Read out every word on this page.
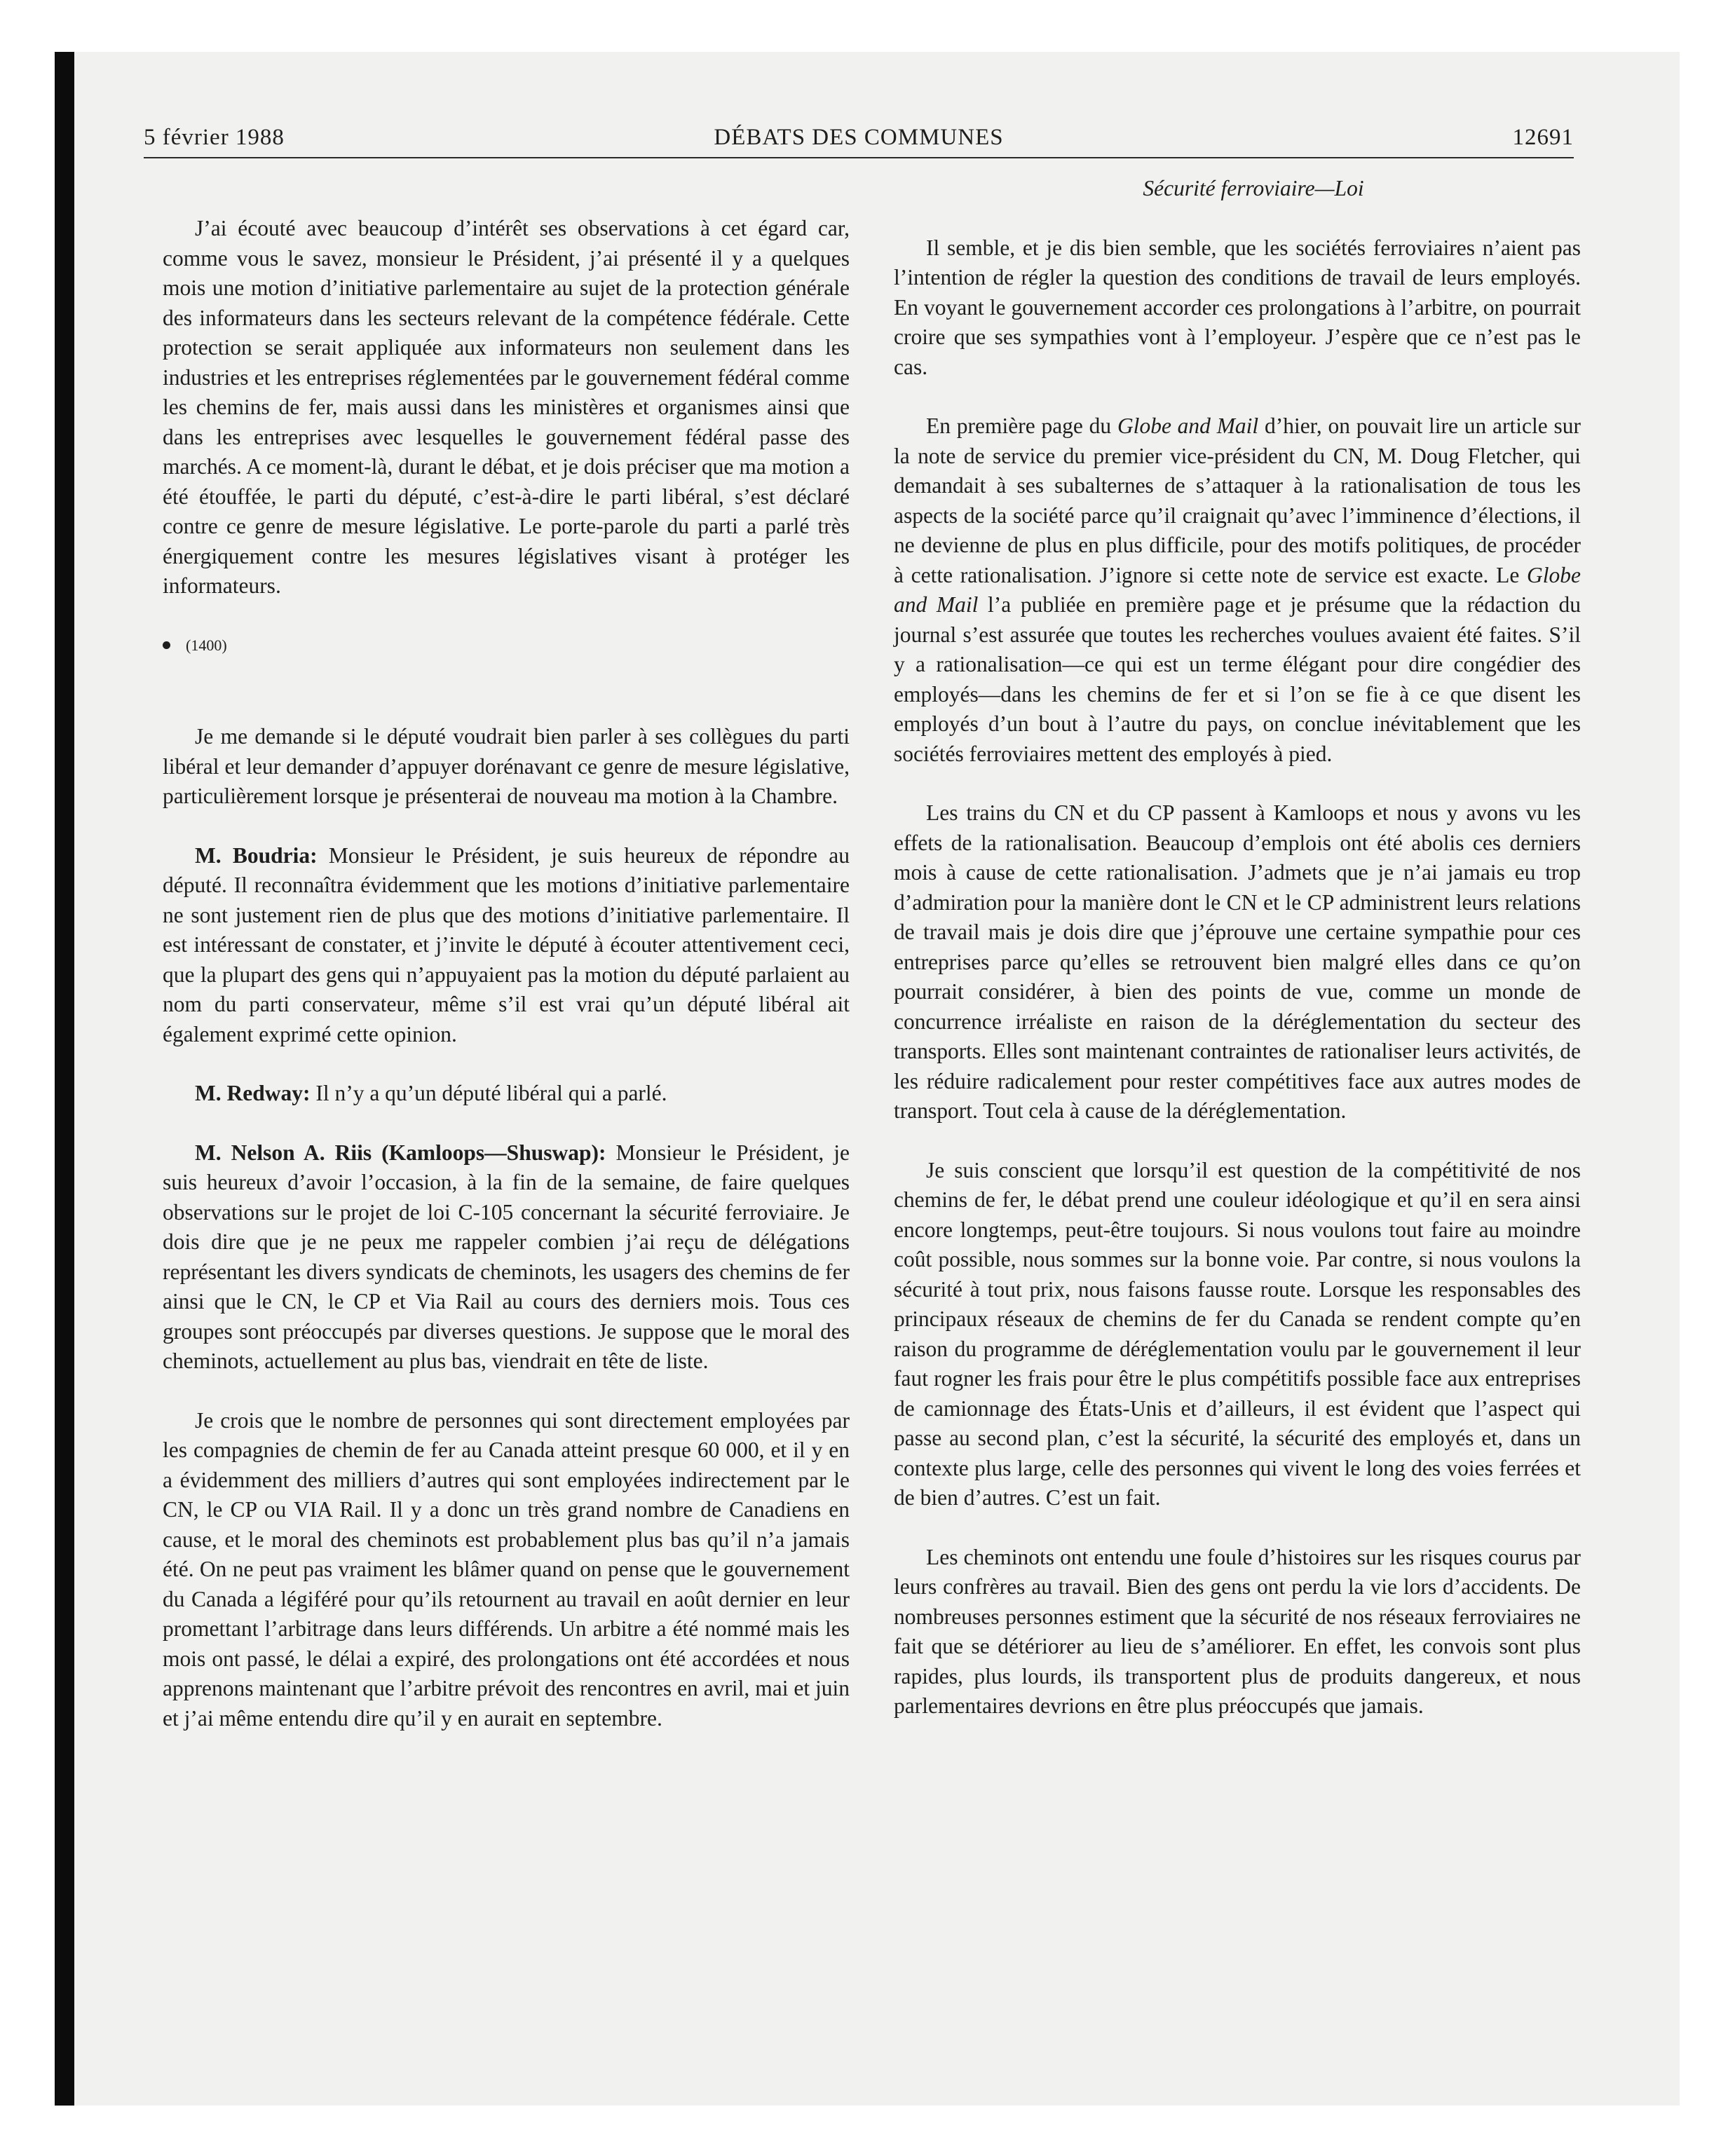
5 février 1988	DÉBATS DES COMMUNES	12691

J’ai écouté avec beaucoup d’intérêt ses observations à cet égard car, comme vous le savez, monsieur le Président, j’ai présenté il y a quelques mois une motion d’initiative parlementaire au sujet de la protection générale des informateurs dans les secteurs relevant de la compétence fédérale. Cette protection se serait appliquée aux informateurs non seulement dans les industries et les entreprises réglementées par le gouvernement fédéral comme les chemins de fer, mais aussi dans les ministères et organismes ainsi que dans les entreprises avec lesquelles le gouvernement fédéral passe des marchés. A ce moment-là, durant le débat, et je dois préciser que ma motion a été étouffée, le parti du député, c’est-à-dire le parti libéral, s’est déclaré contre ce genre de mesure législative. Le porte-parole du parti a parlé très énergiquement contre les mesures législatives visant à protéger les informateurs.

(1400)

Je me demande si le député voudrait bien parler à ses collègues du parti libéral et leur demander d’appuyer dorénavant ce genre de mesure législative, particulièrement lorsque je présenterai de nouveau ma motion à la Chambre.

M. Boudria: Monsieur le Président, je suis heureux de répondre au député. Il reconnaîtra évidemment que les motions d’initiative parlementaire ne sont justement rien de plus que des motions d’initiative parlementaire. Il est intéressant de constater, et j’invite le député à écouter attentivement ceci, que la plupart des gens qui n’appuyaient pas la motion du député parlaient au nom du parti conservateur, même s’il est vrai qu’un député libéral ait également exprimé cette opinion.

M. Redway: Il n’y a qu’un député libéral qui a parlé.

M. Nelson A. Riis (Kamloops—Shuswap): Monsieur le Président, je suis heureux d’avoir l’occasion, à la fin de la semaine, de faire quelques observations sur le projet de loi C-105 concernant la sécurité ferroviaire. Je dois dire que je ne peux me rappeler combien j’ai reçu de délégations représentant les divers syndicats de cheminots, les usagers des chemins de fer ainsi que le CN, le CP et Via Rail au cours des derniers mois. Tous ces groupes sont préoccupés par diverses questions. Je suppose que le moral des cheminots, actuellement au plus bas, viendrait en tête de liste.

Je crois que le nombre de personnes qui sont directement employées par les compagnies de chemin de fer au Canada atteint presque 60 000, et il y en a évidemment des milliers d’autres qui sont employées indirectement par le CN, le CP ou VIA Rail. Il y a donc un très grand nombre de Canadiens en cause, et le moral des cheminots est probablement plus bas qu’il n’a jamais été. On ne peut pas vraiment les blâmer quand on pense que le gouvernement du Canada a légiféré pour qu’ils retournent au travail en août dernier en leur promettant l’arbitrage dans leurs différends. Un arbitre a été nommé mais les mois ont passé, le délai a expiré, des prolongations ont été accordées et nous apprenons maintenant que l’arbitre prévoit des rencontres en avril, mai et juin et j’ai même entendu dire qu’il y en aurait en septembre.

Sécurité ferroviaire—Loi

Il semble, et je dis bien semble, que les sociétés ferroviaires n’aient pas l’intention de régler la question des conditions de travail de leurs employés. En voyant le gouvernement accorder ces prolongations à l’arbitre, on pourrait croire que ses sympathies vont à l’employeur. J’espère que ce n’est pas le cas.

En première page du Globe and Mail d’hier, on pouvait lire un article sur la note de service du premier vice-président du CN, M. Doug Fletcher, qui demandait à ses subalternes de s’attaquer à la rationalisation de tous les aspects de la société parce qu’il craignait qu’avec l’imminence d’élections, il ne devienne de plus en plus difficile, pour des motifs politiques, de procéder à cette rationalisation. J’ignore si cette note de service est exacte. Le Globe and Mail l’a publiée en première page et je présume que la rédaction du journal s’est assurée que toutes les recherches voulues avaient été faites. S’il y a rationalisation—ce qui est un terme élégant pour dire congédier des employés—dans les chemins de fer et si l’on se fie à ce que disent les employés d’un bout à l’autre du pays, on conclue inévitablement que les sociétés ferroviaires mettent des employés à pied.

Les trains du CN et du CP passent à Kamloops et nous y avons vu les effets de la rationalisation. Beaucoup d’emplois ont été abolis ces derniers mois à cause de cette rationalisation. J’admets que je n’ai jamais eu trop d’admiration pour la manière dont le CN et le CP administrent leurs relations de travail mais je dois dire que j’éprouve une certaine sympathie pour ces entreprises parce qu’elles se retrouvent bien malgré elles dans ce qu’on pourrait considérer, à bien des points de vue, comme un monde de concurrence irréaliste en raison de la déréglementation du secteur des transports. Elles sont maintenant contraintes de rationaliser leurs activités, de les réduire radicalement pour rester compétitives face aux autres modes de transport. Tout cela à cause de la déréglementation.

Je suis conscient que lorsqu’il est question de la compétitivité de nos chemins de fer, le débat prend une couleur idéologique et qu’il en sera ainsi encore longtemps, peut-être toujours. Si nous voulons tout faire au moindre coût possible, nous sommes sur la bonne voie. Par contre, si nous voulons la sécurité à tout prix, nous faisons fausse route. Lorsque les responsables des principaux réseaux de chemins de fer du Canada se rendent compte qu’en raison du programme de déréglementation voulu par le gouvernement il leur faut rogner les frais pour être le plus compétitifs possible face aux entreprises de camionnage des États-Unis et d’ailleurs, il est évident que l’aspect qui passe au second plan, c’est la sécurité, la sécurité des employés et, dans un contexte plus large, celle des personnes qui vivent le long des voies ferrées et de bien d’autres. C’est un fait.

Les cheminots ont entendu une foule d’histoires sur les risques courus par leurs confrères au travail. Bien des gens ont perdu la vie lors d’accidents. De nombreuses personnes estiment que la sécurité de nos réseaux ferroviaires ne fait que se détériorer au lieu de s’améliorer. En effet, les convois sont plus rapides, plus lourds, ils transportent plus de produits dangereux, et nous parlementaires devrions en être plus préoccupés que jamais.
